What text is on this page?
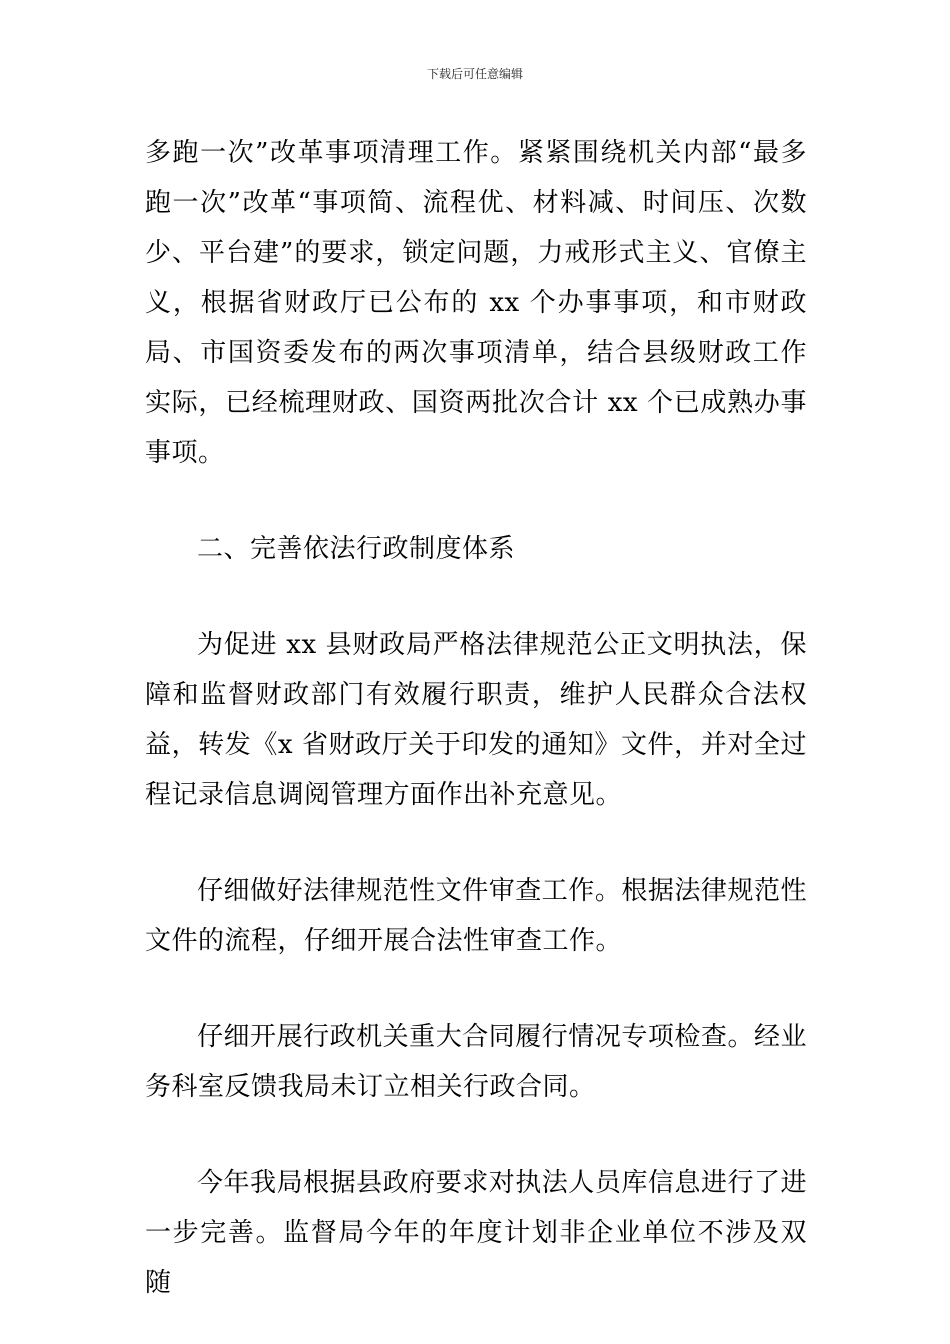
下载后可任意编辑

多跑一次”改革事项清理工作。紧紧围绕机关内部“最多跑一次”改革“事项简、流程优、材料减、时间压、次数少、平台建”的要求，锁定问题，力戒形式主义、官僚主义，根据省财政厅已公布的 xx 个办事事项，和市财政局、市国资委发布的两次事项清单，结合县级财政工作实际，已经梳理财政、国资两批次合计 xx 个已成熟办事事项。

二、完善依法行政制度体系

为促进 xx 县财政局严格法律规范公正文明执法，保障和监督财政部门有效履行职责，维护人民群众合法权益，转发《x 省财政厅关于印发的通知》文件，并对全过程记录信息调阅管理方面作出补充意见。

仔细做好法律规范性文件审查工作。根据法律规范性文件的流程，仔细开展合法性审查工作。

仔细开展行政机关重大合同履行情况专项检查。经业务科室反馈我局未订立相关行政合同。

今年我局根据县政府要求对执法人员库信息进行了进一步完善。监督局今年的年度计划非企业单位不涉及双随
